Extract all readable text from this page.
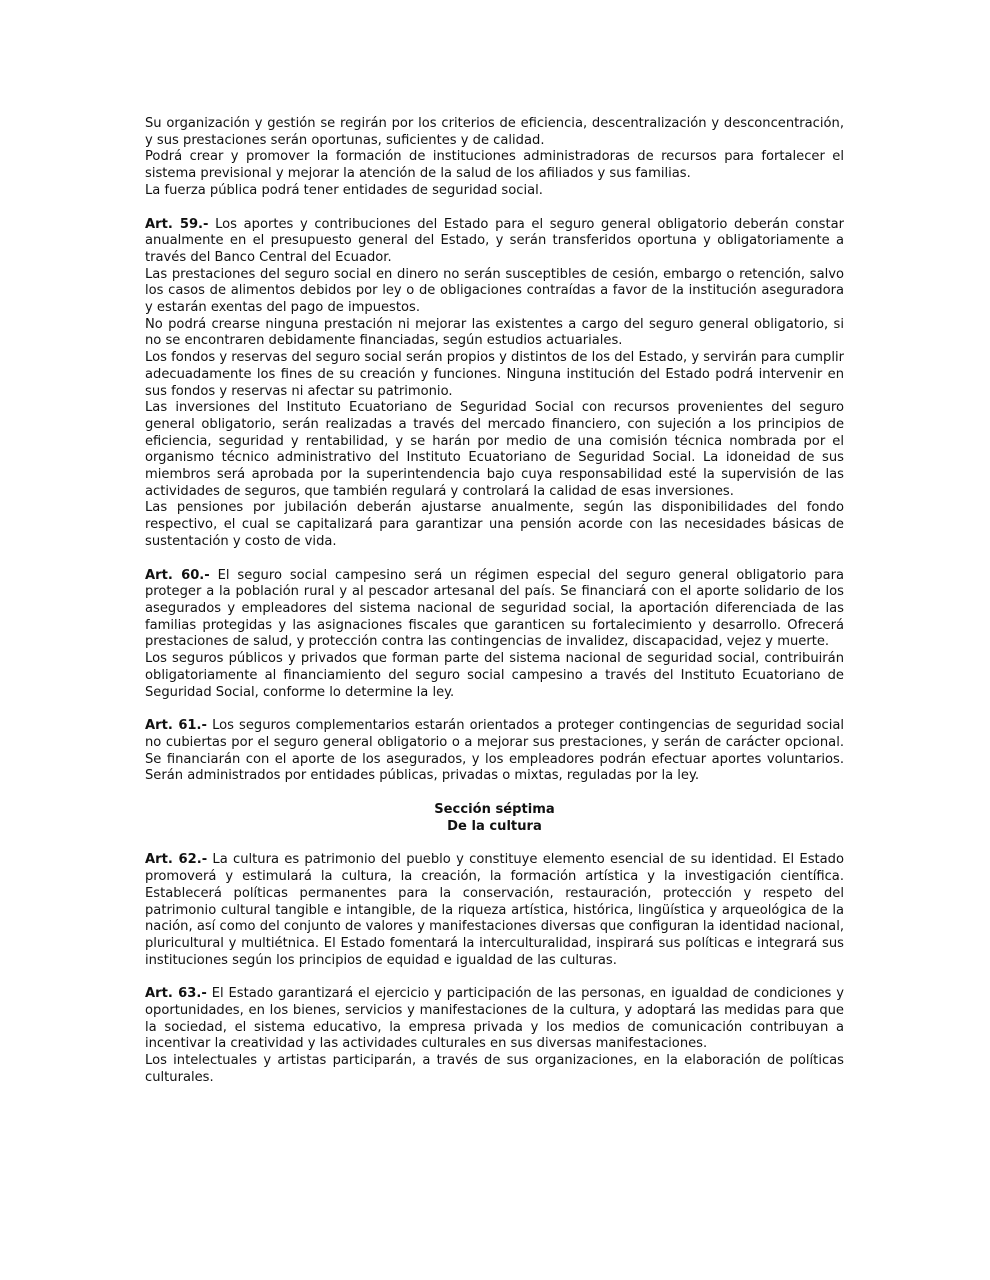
Su organización y gestión se regirán por los criterios de eficiencia, descentralización y desconcentración, y sus prestaciones serán oportunas, suficientes y de calidad.

Podrá crear y promover la formación de instituciones administradoras de recursos para fortalecer el sistema previsional y mejorar la atención de la salud de los afiliados y sus familias.

La fuerza pública podrá tener entidades de seguridad social.

Art. 59.- Los aportes y contribuciones del Estado para el seguro general obligatorio deberán constar anualmente en el presupuesto general del Estado, y serán transferidos oportuna y obligatoriamente a través del Banco Central del Ecuador.

Las prestaciones del seguro social en dinero no serán susceptibles de cesión, embargo o retención, salvo los casos de alimentos debidos por ley o de obligaciones contraídas a favor de la institución aseguradora y estarán exentas del pago de impuestos.

No podrá crearse ninguna prestación ni mejorar las existentes a cargo del seguro general obligatorio, si no se encontraren debidamente financiadas, según estudios actuariales.

Los fondos y reservas del seguro social serán propios y distintos de los del Estado, y servirán para cumplir adecuadamente los fines de su creación y funciones. Ninguna institución del Estado podrá intervenir en sus fondos y reservas ni afectar su patrimonio.

Las inversiones del Instituto Ecuatoriano de Seguridad Social con recursos provenientes del seguro general obligatorio, serán realizadas a través del mercado financiero, con sujeción a los principios de eficiencia, seguridad y rentabilidad, y se harán por medio de una comisión técnica nombrada por el organismo técnico administrativo del Instituto Ecuatoriano de Seguridad Social. La idoneidad de sus miembros será aprobada por la superintendencia bajo cuya responsabilidad esté la supervisión de las actividades de seguros, que también regulará y controlará la calidad de esas inversiones.

Las pensiones por jubilación deberán ajustarse anualmente, según las disponibilidades del fondo respectivo, el cual se capitalizará para garantizar una pensión acorde con las necesidades básicas de sustentación y costo de vida.

Art. 60.- El seguro social campesino será un régimen especial del seguro general obligatorio para proteger a la población rural y al pescador artesanal del país. Se financiará con el aporte solidario de los asegurados y empleadores del sistema nacional de seguridad social, la aportación diferenciada de las familias protegidas y las asignaciones fiscales que garanticen su fortalecimiento y desarrollo. Ofrecerá prestaciones de salud, y protección contra las contingencias de invalidez, discapacidad, vejez y muerte.

Los seguros públicos y privados que forman parte del sistema nacional de seguridad social, contribuirán obligatoriamente al financiamiento del seguro social campesino a través del Instituto Ecuatoriano de Seguridad Social, conforme lo determine la ley.

Art. 61.- Los seguros complementarios estarán orientados a proteger contingencias de seguridad social no cubiertas por el seguro general obligatorio o a mejorar sus prestaciones, y serán de carácter opcional. Se financiarán con el aporte de los asegurados, y los empleadores podrán efectuar aportes voluntarios. Serán administrados por entidades públicas, privadas o mixtas, reguladas por la ley.

Sección séptima

De la cultura

Art. 62.- La cultura es patrimonio del pueblo y constituye elemento esencial de su identidad. El Estado promoverá y estimulará la cultura, la creación, la formación artística y la investigación científica. Establecerá políticas permanentes para la conservación, restauración, protección y respeto del patrimonio cultural tangible e intangible, de la riqueza artística, histórica, lingüística y arqueológica de la nación, así como del conjunto de valores y manifestaciones diversas que configuran la identidad nacional, pluricultural y multiétnica. El Estado fomentará la interculturalidad, inspirará sus políticas e integrará sus instituciones según los principios de equidad e igualdad de las culturas.

Art. 63.- El Estado garantizará el ejercicio y participación de las personas, en igualdad de condiciones y oportunidades, en los bienes, servicios y manifestaciones de la cultura, y adoptará las medidas para que la sociedad, el sistema educativo, la empresa privada y los medios de comunicación contribuyan a incentivar la creatividad y las actividades culturales en sus diversas manifestaciones.

Los intelectuales y artistas participarán, a través de sus organizaciones, en la elaboración de políticas culturales.
